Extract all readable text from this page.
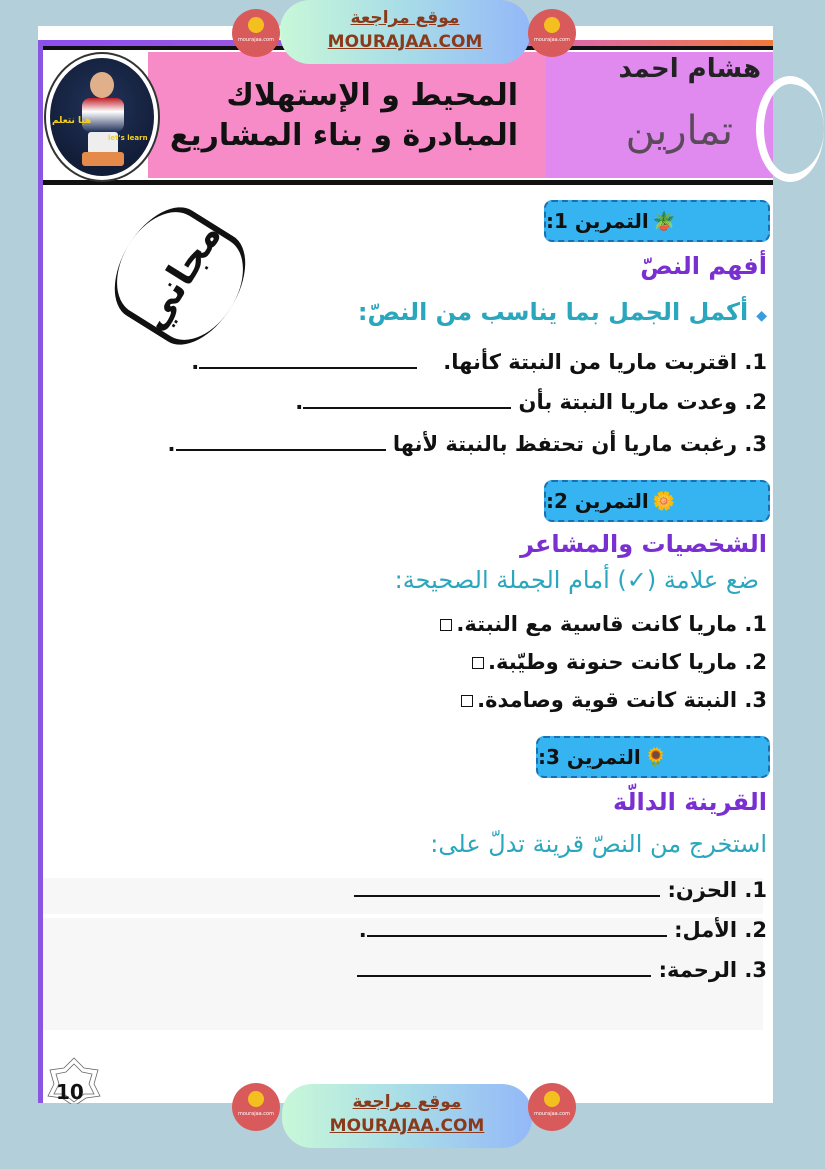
هيا نتعلم
let's learn
المحيط و الإستهلاك
المبادرة و بناء المشاريع
هشام احمد
تمارين
مجاني	🪴
التمرين 1:
أفهم النصّ
◆أكمل الجمل بما يناسب من النصّ:
1. اقتربت ماريا من النبتة كأنها..
2. وعدت ماريا النبتة بأن .
3. رغبت ماريا أن تحتفظ بالنبتة لأنها .
🌼
التمرين 2:
الشخصيات والمشاعر
ضع علامة (✓) أمام الجملة الصحيحة:
1. ماريا كانت قاسية مع النبتة.
2. ماريا كانت حنونة وطيّبة.
3. النبتة كانت قوية وصامدة.
🌻
التمرين 3:
القرينة الدالّة
استخرج من النصّ قرينة تدلّ على:
1. الحزن:
2. الأمل: .
3. الرحمة:
10
mourajaa.com
موقع مراجعة
MOURAJAA.COM	mourajaa.com
mourajaa.com
موقع مراجعة
MOURAJAA.COM
mourajaa.com
